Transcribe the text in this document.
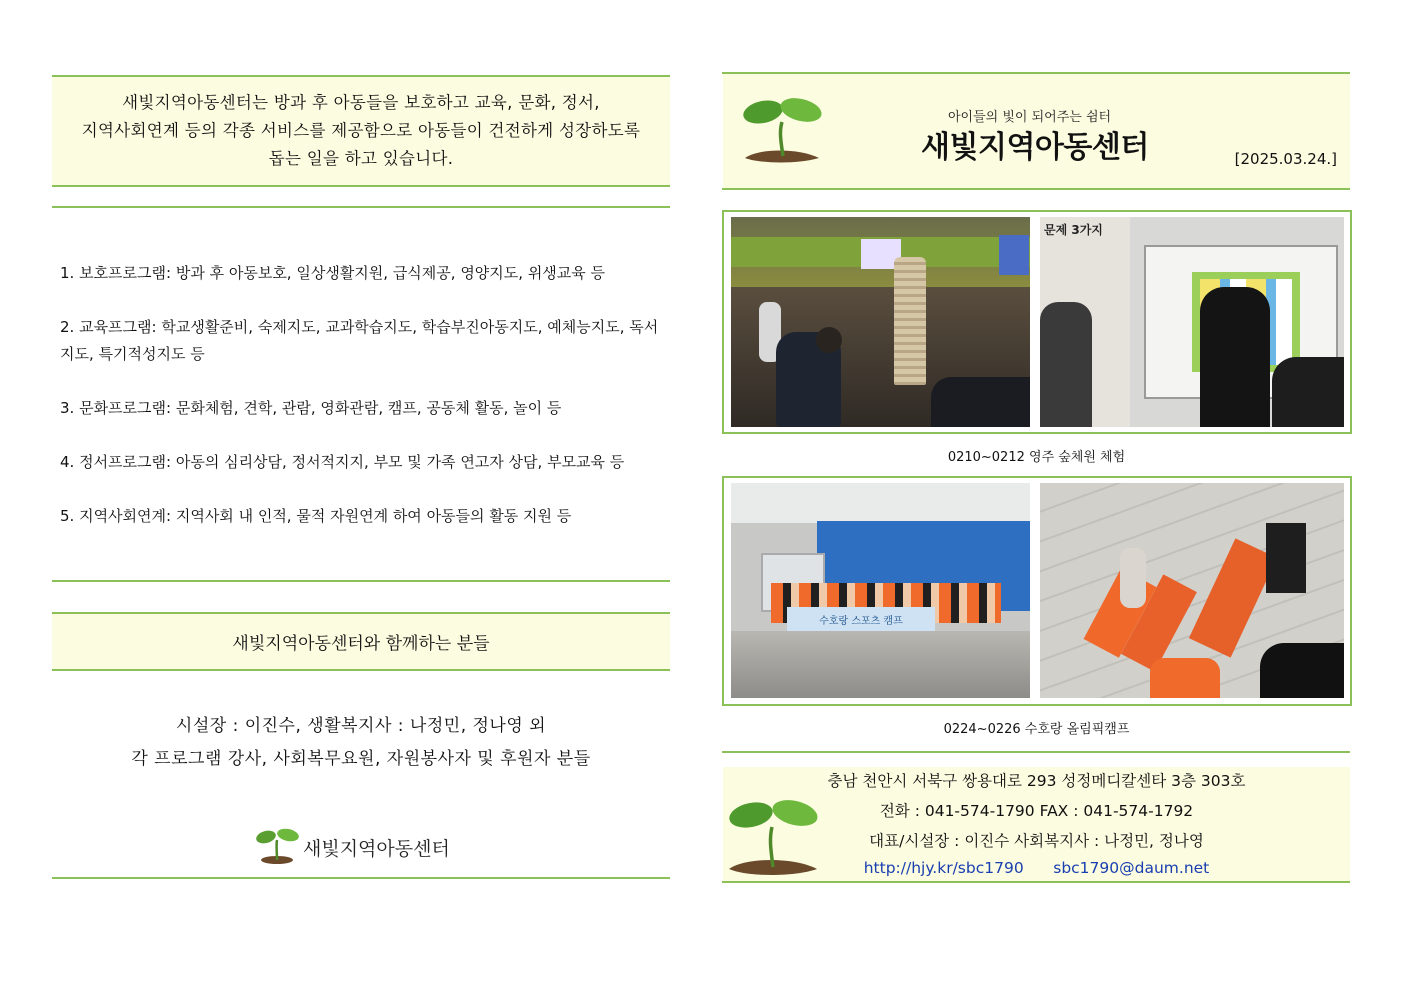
새빛지역아동센터는 방과 후 아동들을 보호하고 교육, 문화, 정서,
지역사회연계 등의 각종 서비스를 제공함으로 아동들이 건전하게 성장하도록
돕는 일을 하고 있습니다.
1. 보호프로그램: 방과 후 아동보호, 일상생활지원, 급식제공, 영양지도, 위생교육 등
2. 교육프그램: 학교생활준비, 숙제지도, 교과학습지도, 학습부진아동지도, 예체능지도, 독서지도, 특기적성지도 등
3. 문화프로그램: 문화체험, 견학, 관람, 영화관람, 캠프, 공동체 활동, 놀이 등
4. 정서프로그램: 아동의 심리상담, 정서적지지, 부모 및 가족 연고자 상담, 부모교육 등
5. 지역사회연계: 지역사회 내 인적, 물적 자원연계 하여 아동들의 활동 지원 등
새빛지역아동센터와 함께하는 분들
시설장 : 이진수, 생활복지사 : 나정민, 정나영 외
각 프로그램 강사, 사회복무요원, 자원봉사자 및 후원자 분들
새빛지역아동센터
아이들의 빛이 되어주는 쉼터
새빛지역아동센터	[2025.03.24.]
문제 3가지
0210~0212 영주 숲체원 체험
수호랑
스포츠 캠프
0224~0226 수호랑 올림픽캠프
충남 천안시 서북구 쌍용대로 293 성정메디칼센타 3층 303호
전화 : 041-574-1790 FAX : 041-574-1792
대표/시설장 : 이진수 사회복지사 : 나정민, 정나영
http://hjy.kr/sbc1790 sbc1790@daum.net
